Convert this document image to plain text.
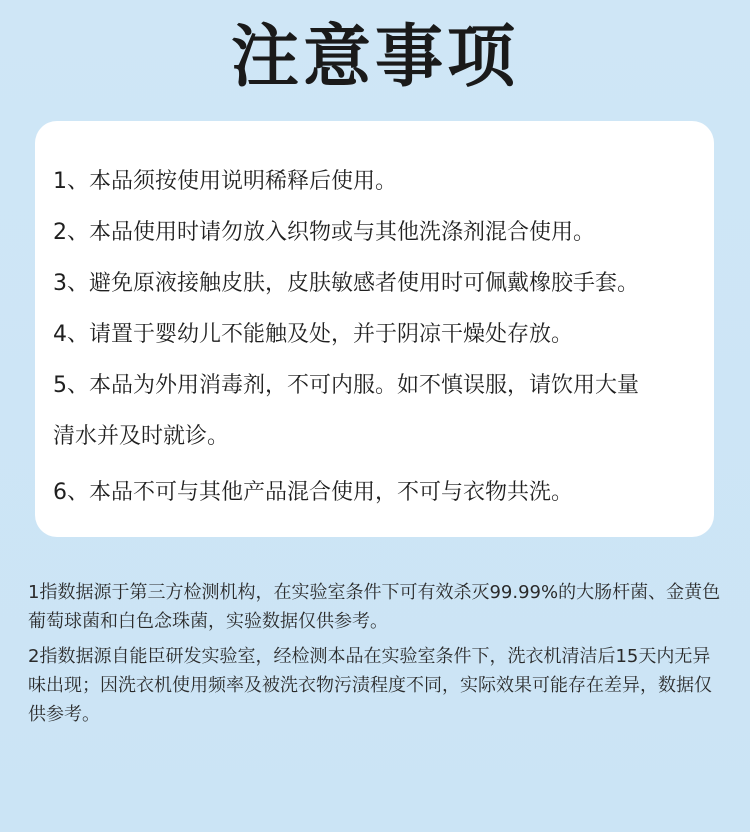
注意事项
1、本品须按使用说明稀释后使用。
2、本品使用时请勿放入织物或与其他洗涤剂混合使用。
3、避免原液接触皮肤，皮肤敏感者使用时可佩戴橡胶手套。
4、请置于婴幼儿不能触及处，并于阴凉干燥处存放。
5、本品为外用消毒剂，不可内服。如不慎误服，请饮用大量
清水并及时就诊。
6、本品不可与其他产品混合使用，不可与衣物共洗。
1指数据源于第三方检测机构，在实验室条件下可有效杀灭99.99%的大肠杆菌、金黄色葡萄球菌和白色念珠菌，实验数据仅供参考。
2指数据源自能臣研发实验室，经检测本品在实验室条件下，洗衣机清洁后15天内无异味出现；因洗衣机使用频率及被洗衣物污渍程度不同，实际效果可能存在差异，数据仅供参考。
